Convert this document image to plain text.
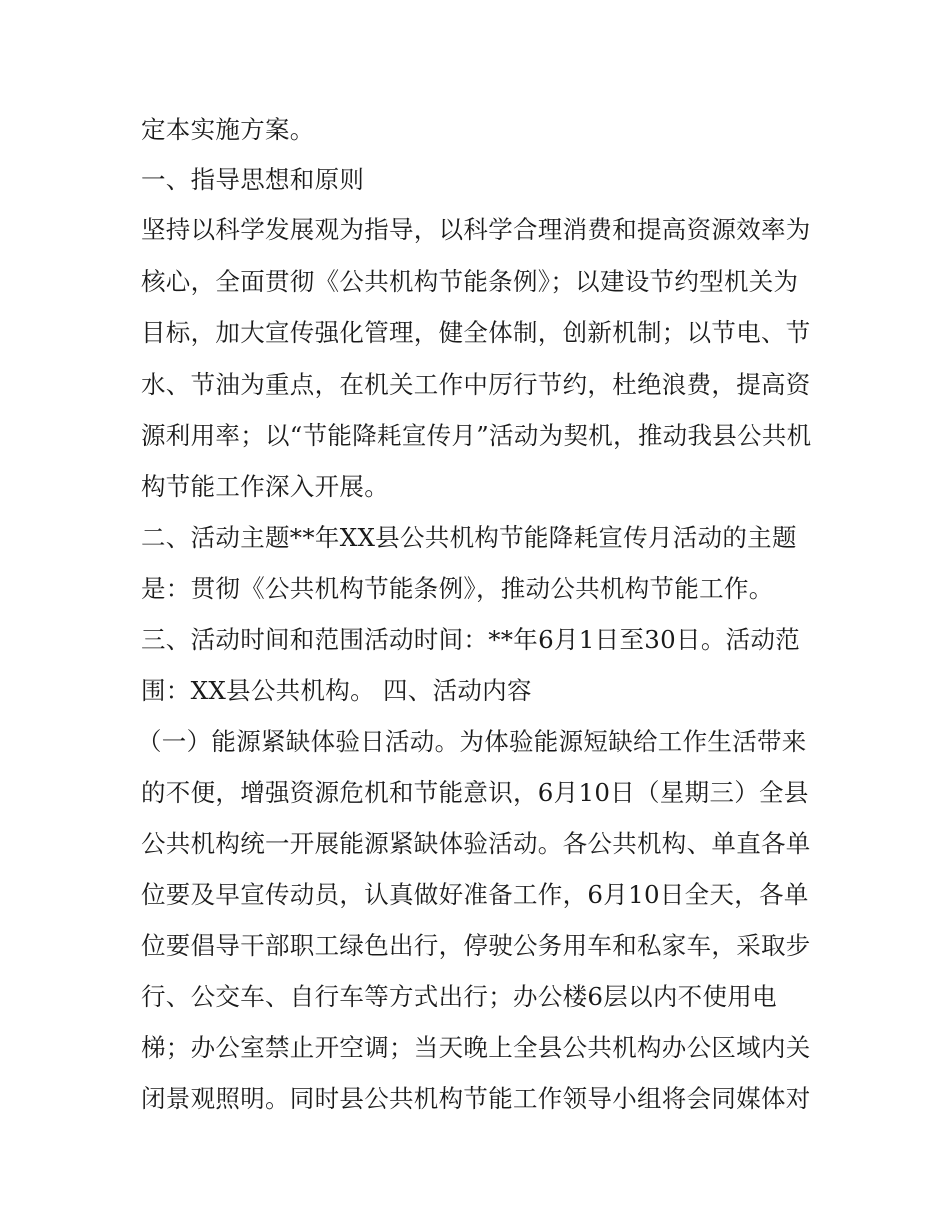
定本实施方案。
一、指导思想和原则
坚持以科学发展观为指导，以科学合理消费和提高资源效率为
核心，全面贯彻《公共机构节能条例》；以建设节约型机关为
目标，加大宣传强化管理，健全体制，创新机制；以节电、节
水、节油为重点，在机关工作中厉行节约，杜绝浪费，提高资
源利用率；以“节能降耗宣传月”活动为契机，推动我县公共机
构节能工作深入开展。
二、活动主题**年XX县公共机构节能降耗宣传月活动的主题
是：贯彻《公共机构节能条例》，推动公共机构节能工作。
三、活动时间和范围活动时间：**年6月1日至30日。活动范
围：XX县公共机构。 四、活动内容
（一）能源紧缺体验日活动。为体验能源短缺给工作生活带来
的不便，增强资源危机和节能意识，6月10日（星期三）全县
公共机构统一开展能源紧缺体验活动。各公共机构、单直各单
位要及早宣传动员，认真做好准备工作，6月10日全天，各单
位要倡导干部职工绿色出行，停驶公务用车和私家车，采取步
行、公交车、自行车等方式出行；办公楼6层以内不使用电
梯；办公室禁止开空调；当天晚上全县公共机构办公区域内关
闭景观照明。同时县公共机构节能工作领导小组将会同媒体对
